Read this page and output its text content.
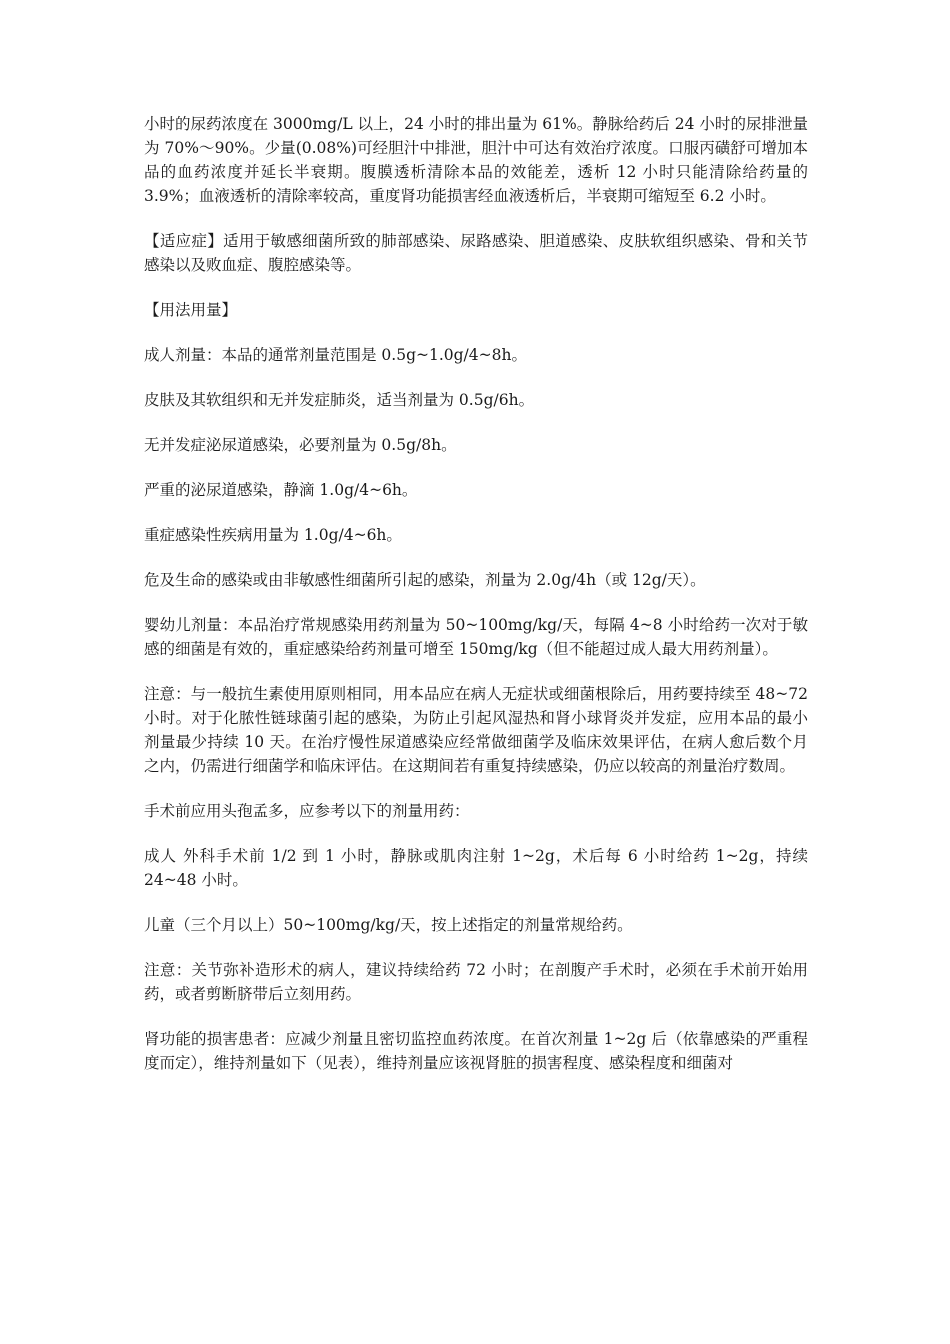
小时的尿药浓度在 3000mg/L 以上，24 小时的排出量为 61%。静脉给药后 24 小时的尿排泄量为 70%～90%。少量(0.08%)可经胆汁中排泄，胆汁中可达有效治疗浓度。口服丙磺舒可增加本品的血药浓度并延长半衰期。腹膜透析清除本品的效能差，透析 12 小时只能清除给药量的 3.9%；血液透析的清除率较高，重度肾功能损害经血液透析后，半衰期可缩短至 6.2 小时。

【适应症】适用于敏感细菌所致的肺部感染、尿路感染、胆道感染、皮肤软组织感染、骨和关节感染以及败血症、腹腔感染等。

【用法用量】

成人剂量：本品的通常剂量范围是 0.5g~1.0g/4~8h。

皮肤及其软组织和无并发症肺炎，适当剂量为 0.5g/6h。

无并发症泌尿道感染，必要剂量为 0.5g/8h。

严重的泌尿道感染，静滴 1.0g/4~6h。

重症感染性疾病用量为 1.0g/4~6h。

危及生命的感染或由非敏感性细菌所引起的感染，剂量为 2.0g/4h（或 12g/天）。

婴幼儿剂量：本品治疗常规感染用药剂量为 50~100mg/kg/天，每隔 4~8 小时给药一次对于敏感的细菌是有效的，重症感染给药剂量可增至 150mg/kg（但不能超过成人最大用药剂量）。

注意：与一般抗生素使用原则相同，用本品应在病人无症状或细菌根除后，用药要持续至 48~72 小时。对于化脓性链球菌引起的感染，为防止引起风湿热和肾小球肾炎并发症，应用本品的最小剂量最少持续 10 天。在治疗慢性尿道感染应经常做细菌学及临床效果评估，在病人愈后数个月之内，仍需进行细菌学和临床评估。在这期间若有重复持续感染，仍应以较高的剂量治疗数周。

手术前应用头孢孟多，应参考以下的剂量用药：

成人 外科手术前 1/2 到 1 小时，静脉或肌肉注射 1~2g，术后每 6 小时给药 1~2g，持续 24~48 小时。

儿童（三个月以上）50~100mg/kg/天，按上述指定的剂量常规给药。

注意：关节弥补造形术的病人，建议持续给药 72 小时；在剖腹产手术时，必须在手术前开始用药，或者剪断脐带后立刻用药。

肾功能的损害患者：应减少剂量且密切监控血药浓度。在首次剂量 1~2g 后（依靠感染的严重程度而定），维持剂量如下（见表），维持剂量应该视肾脏的损害程度、感染程度和细菌对
